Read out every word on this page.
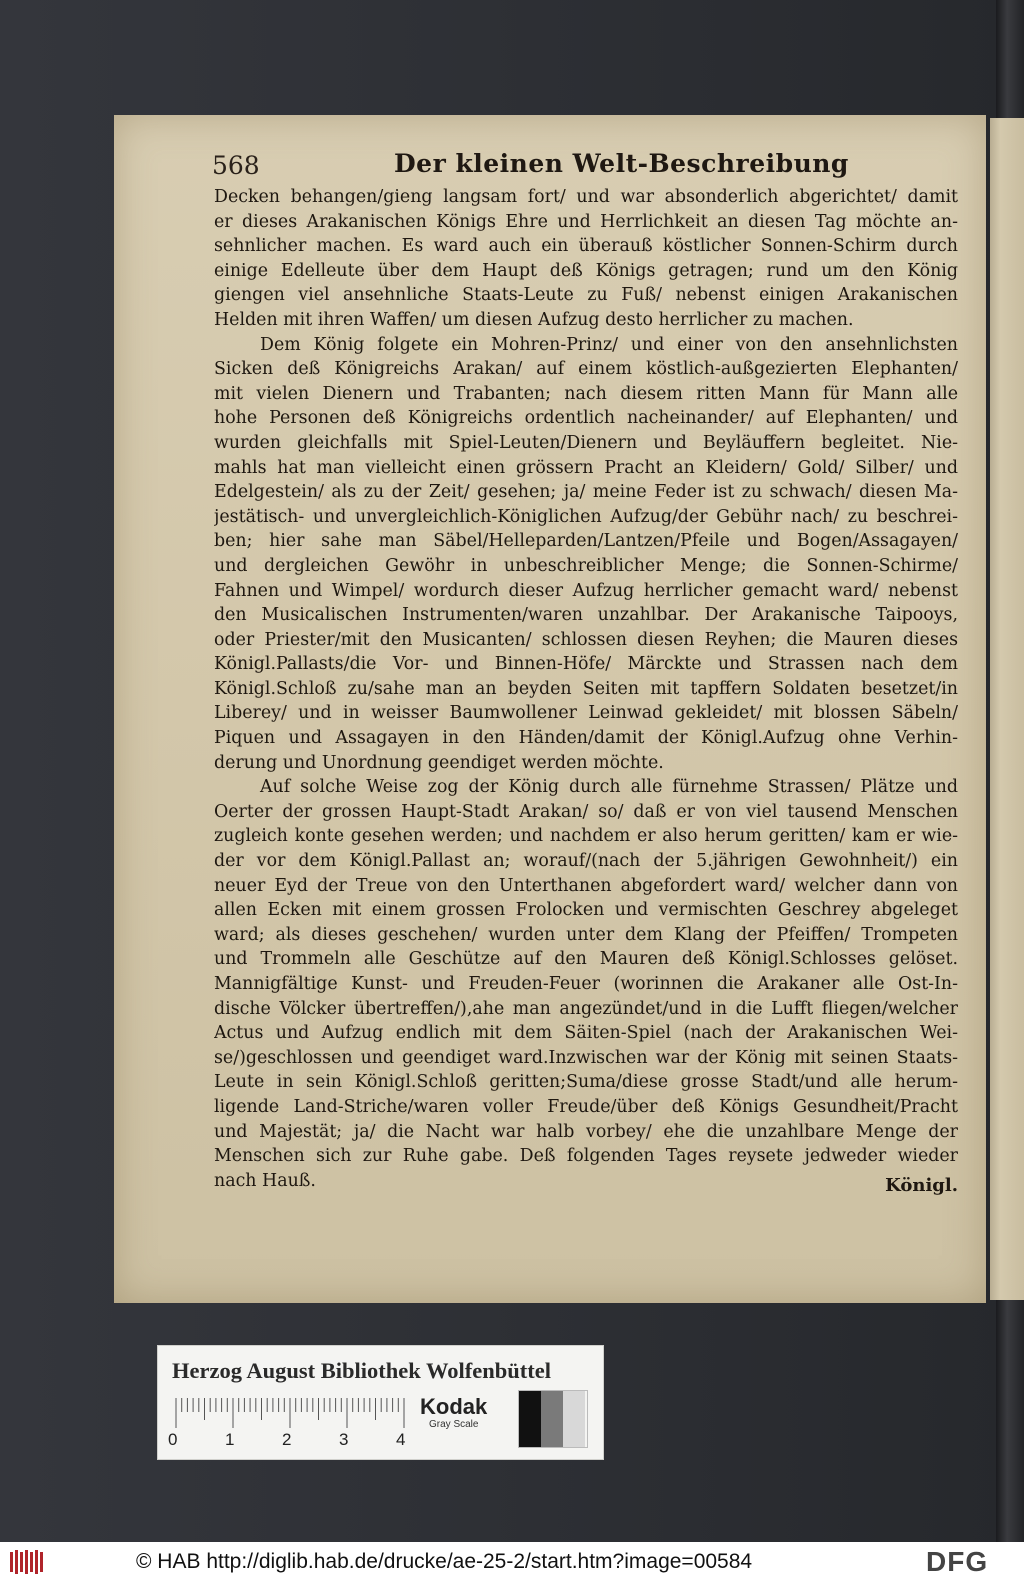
568	Der kleinen Welt-Beschreibung
Decken behangen/gieng langsam fort/ und war absonderlich abgerichtet/ damit
er dieses Arakanischen Königs Ehre und Herrlichkeit an diesen Tag möchte an-
sehnlicher machen. Es ward auch ein überauß köstlicher Sonnen-Schirm durch
einige Edelleute über dem Haupt deß Königs getragen; rund um den König
giengen viel ansehnliche Staats-Leute zu Fuß/ nebenst einigen Arakanischen
Helden mit ihren Waffen/ um diesen Aufzug desto herrlicher zu machen.
Dem König folgete ein Mohren-Prinz/ und einer von den ansehnlichsten
Sicken deß Königreichs Arakan/ auf einem köstlich-außgezierten Elephanten/
mit vielen Dienern und Trabanten; nach diesem ritten Mann für Mann alle
hohe Personen deß Königreichs ordentlich nacheinander/ auf Elephanten/ und
wurden gleichfalls mit Spiel-Leuten/Dienern und Beyläuffern begleitet. Nie-
mahls hat man vielleicht einen grössern Pracht an Kleidern/ Gold/ Silber/ und
Edelgestein/ als zu der Zeit/ gesehen; ja/ meine Feder ist zu schwach/ diesen Ma-
jestätisch- und unvergleichlich-Königlichen Aufzug/der Gebühr nach/ zu beschrei-
ben; hier sahe man Säbel/Helleparden/Lantzen/Pfeile und Bogen/Assagayen/
und dergleichen Gewöhr in unbeschreiblicher Menge; die Sonnen-Schirme/
Fahnen und Wimpel/ wordurch dieser Aufzug herrlicher gemacht ward/ nebenst
den Musicalischen Instrumenten/waren unzahlbar. Der Arakanische Taipooys,
oder Priester/mit den Musicanten/ schlossen diesen Reyhen; die Mauren dieses
Königl.Pallasts/die Vor- und Binnen-Höfe/ Märckte und Strassen nach dem
Königl.Schloß zu/sahe man an beyden Seiten mit tapffern Soldaten besetzet/in
Liberey/ und in weisser Baumwollener Leinwad gekleidet/ mit blossen Säbeln/
Piquen und Assagayen in den Händen/damit der Königl.Aufzug ohne Verhin-
derung und Unordnung geendiget werden möchte.
Auf solche Weise zog der König durch alle fürnehme Strassen/ Plätze und
Oerter der grossen Haupt-Stadt Arakan/ so/ daß er von viel tausend Menschen
zugleich konte gesehen werden; und nachdem er also herum geritten/ kam er wie-
der vor dem Königl.Pallast an; worauf/(nach der 5.jährigen Gewohnheit/) ein
neuer Eyd der Treue von den Unterthanen abgefordert ward/ welcher dann von
allen Ecken mit einem grossen Frolocken und vermischten Geschrey abgeleget
ward; als dieses geschehen/ wurden unter dem Klang der Pfeiffen/ Trompeten
und Trommeln alle Geschütze auf den Mauren deß Königl.Schlosses gelöset.
Mannigfältige Kunst- und Freuden-Feuer (worinnen die Arakaner alle Ost-In-
dische Völcker übertreffen/),ahe man angezündet/und in die Lufft fliegen/welcher
Actus und Aufzug endlich mit dem Säiten-Spiel (nach der Arakanischen Wei-
se/)geschlossen und geendiget ward.Inzwischen war der König mit seinen Staats-
Leute in sein Königl.Schloß geritten;Suma/diese grosse Stadt/und alle herum-
ligende Land-Striche/waren voller Freude/über deß Königs Gesundheit/Pracht
und Majestät; ja/ die Nacht war halb vorbey/ ehe die unzahlbare Menge der
Menschen sich zur Ruhe gabe. Deß folgenden Tages reysete jedweder wieder
nach Hauß.	Königl.
Herzog August Bibliothek Wolfenbüttel
0	1	2	3	4
Kodak
Gray Scale
© HAB http://diglib.hab.de/drucke/ae-25-2/start.htm?image=00584	DFG
